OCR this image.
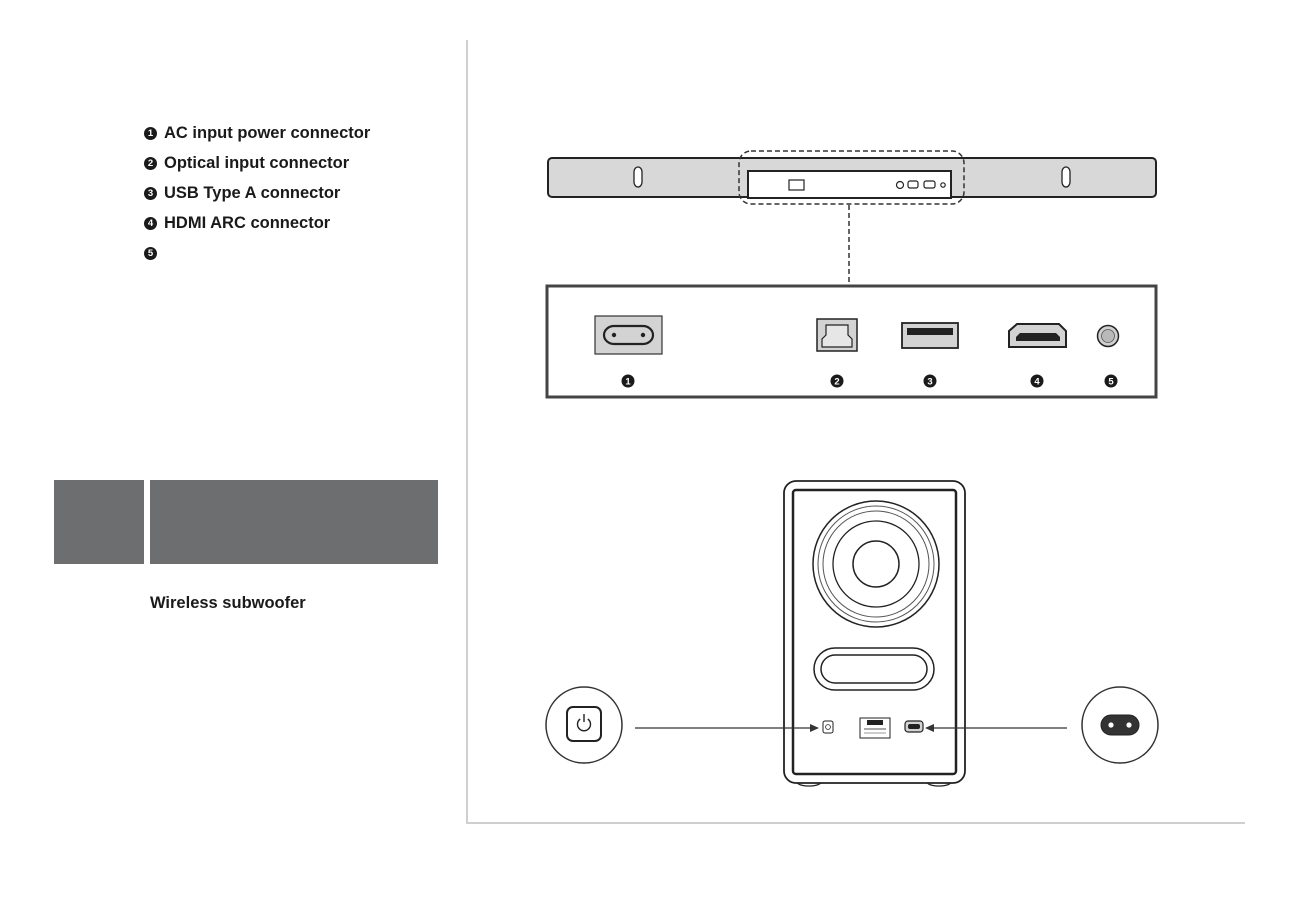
1 AC input power connector
2 Optical input connector
3 USB Type A connector
4 HDMI ARC connector
5
Wireless subwoofer
1	2	3	4	5
